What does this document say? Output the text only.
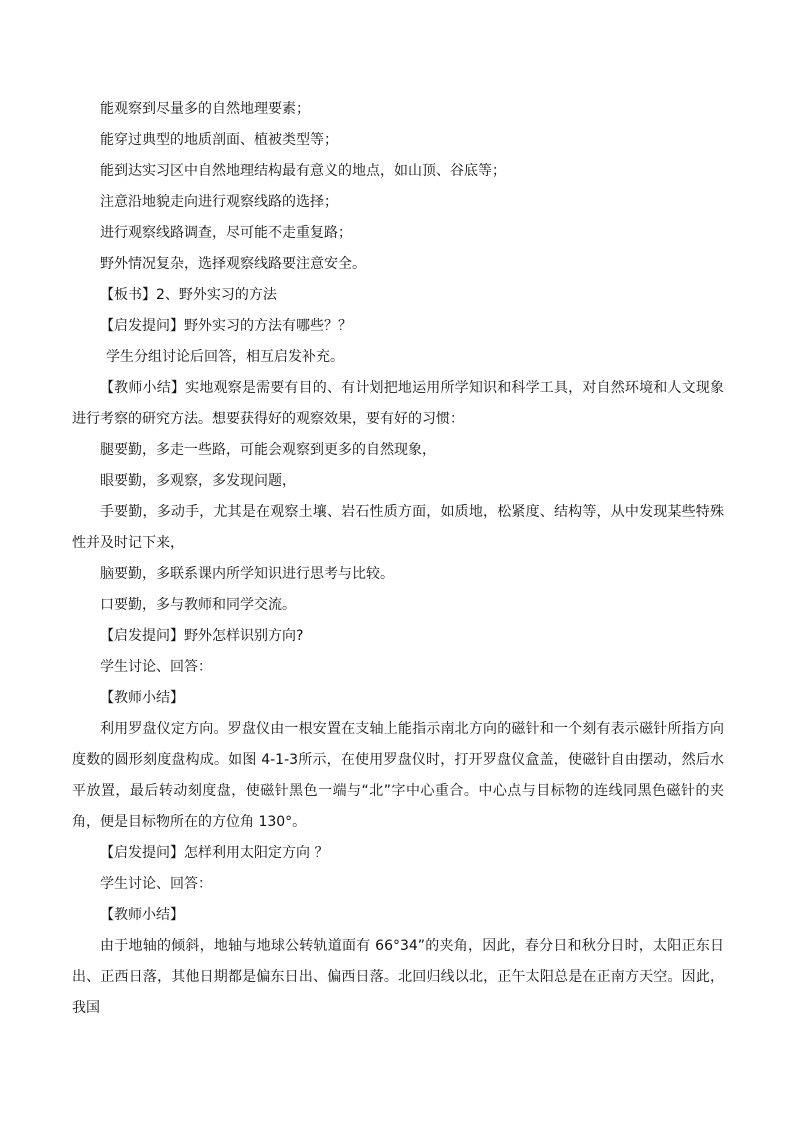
能观察到尽量多的自然地理要素；

能穿过典型的地质剖面、植被类型等；

能到达实习区中自然地理结构最有意义的地点，如山顶、谷底等；

注意沿地貌走向进行观察线路的选择；

进行观察线路调查，尽可能不走重复路；

野外情况复杂，选择观察线路要注意安全。

【板书】2、野外实习的方法

【启发提问】野外实习的方法有哪些？？

学生分组讨论后回答，相互启发补充。

【教师小结】实地观察是需要有目的、有计划把地运用所学知识和科学工具，对自然环境和人文现象进行考察的研究方法。想要获得好的观察效果，要有好的习惯：

腿要勤，多走一些路，可能会观察到更多的自然现象，

眼要勤，多观察，多发现问题，

手要勤，多动手，尤其是在观察土壤、岩石性质方面，如质地，松紧度、结构等，从中发现某些特殊性并及时记下来，

脑要勤，多联系课内所学知识进行思考与比较。

口要勤，多与教师和同学交流。

【启发提问】野外怎样识别方向?

学生讨论、回答：

【教师小结】

利用罗盘仪定方向。罗盘仪由一根安置在支轴上能指示南北方向的磁针和一个刻有表示磁针所指方向度数的圆形刻度盘构成。如图 4-1-3所示，在使用罗盘仪时，打开罗盘仪盒盖，使磁针自由摆动，然后水平放置，最后转动刻度盘，使磁针黑色一端与“北”字中心重合。中心点与目标物的连线同黑色磁针的夹角，便是目标物所在的方位角 130°。

【启发提问】怎样利用太阳定方向 ？

学生讨论、回答：

【教师小结】

由于地轴的倾斜，地轴与地球公转轨道面有 66°34”的夹角，因此，春分日和秋分日时，太阳正东日出、正西日落，其他日期都是偏东日出、偏西日落。北回归线以北，正午太阳总是在正南方天空。因此，我国
